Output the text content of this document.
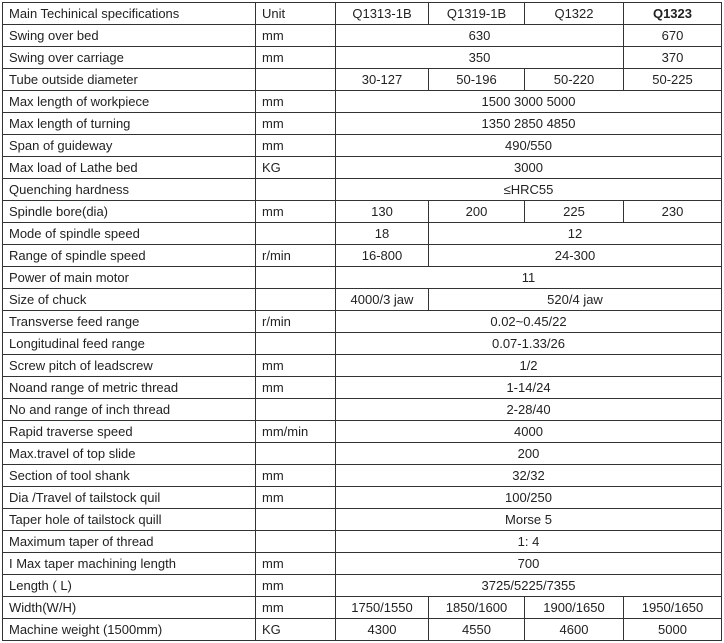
Main Techinical specifications	Unit	Q1313-1B	Q1319-1B	Q1322	Q1323
Swing over bed	mm	630			670
Swing over carriage	mm	350			370
Tube outside diameter		30-127	50-196	50-220	50-225
Max length of workpiece	mm	1500 3000 5000			
Max length of turning	mm	1350 2850 4850			
Span of guideway	mm	490/550			
Max load of Lathe bed	KG	3000			
Quenching hardness		≤HRC55			
Spindle bore(dia)	mm	130	200	225	230
Mode of spindle speed		18	12		
Range of spindle speed	r/min	16-800	24-300		
Power of main motor		11			
Size of chuck		4000/3 jaw	520/4 jaw		
Transverse feed range	r/min	0.02~0.45/22			
Longitudinal feed range		0.07-1.33/26			
Screw pitch of leadscrew	mm	1/2			
Noand range of metric thread	mm	1-14/24			
No and range of inch thread		2-28/40			
Rapid traverse speed	mm/min	4000			
Max.travel of top slide		200			
Section of tool shank	mm	32/32			
Dia /Travel of tailstock quil	mm	100/250			
Taper hole of tailstock quill		Morse 5			
Maximum taper of thread		1: 4			
I Max taper machining length	mm	700			
Length ( L)	mm	3725/5225/7355			
Width(W/H)	mm	1750/1550	1850/1600	1900/1650	1950/1650
Machine weight (1500mm)	KG	4300	4550	4600	5000
